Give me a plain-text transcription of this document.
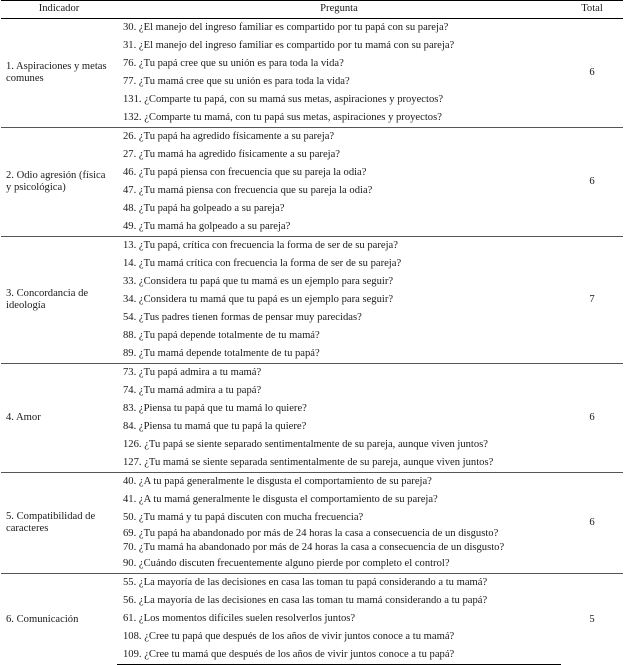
Indicador	Pregunta	Total
1. Aspiraciones y metas comunes	30. ¿El manejo del ingreso familiar es compartido por tu papá con su pareja?	6
	31. ¿El manejo del ingreso familiar es compartido por tu mamá con su pareja?	
	76. ¿Tu papá cree que su unión es para toda la vida?	
	77. ¿Tu mamá cree que su unión es para toda la vida?	
	131. ¿Comparte tu papá, con su mamá sus metas, aspiraciones y proyectos?	
	132. ¿Comparte tu mamá, con tu papá sus metas, aspiraciones y proyectos?	
2. Odio agresión (física y psicológica)	26. ¿Tu papá ha agredido físicamente a su pareja?	6
	27. ¿Tu mamá ha agredido físicamente a su pareja?	
	46. ¿Tu papá piensa con frecuencia que su pareja la odia?	
	47. ¿Tu mamá piensa con frecuencia que su pareja la odia?	
	48. ¿Tu papá ha golpeado a su pareja?	
	49. ¿Tu mamá ha golpeado a su pareja?	
3. Concordancia de ideología	13. ¿Tu papá, crítica con frecuencia la forma de ser de su pareja?	7
	14. ¿Tu mamá crítica con frecuencia la forma de ser de su pareja?	
	33. ¿Considera tu papá que tu mamá es un ejemplo para seguir?	
	34. ¿Considera tu mamá que tu papá es un ejemplo para seguir?	
	54. ¿Tus padres tienen formas de pensar muy parecidas?	
	88. ¿Tu papá depende totalmente de tu mamá?	
	89. ¿Tu mamá depende totalmente de tu papá?	
4. Amor	73. ¿Tu papá admira a tu mamá?	6
	74. ¿Tu mamá admira a tu papá?	
	83. ¿Piensa tu papá que tu mamá lo quiere?	
	84. ¿Piensa tu mamá que tu papá la quiere?	
	126. ¿Tu papá se siente separado sentimentalmente de su pareja, aunque viven juntos?	
	127. ¿Tu mamá se siente separada sentimentalmente de su pareja, aunque viven juntos?	
5. Compatibilidad de caracteres	40. ¿A tu papá generalmente le disgusta el comportamiento de su pareja?	6
	41. ¿A tu mamá generalmente le disgusta el comportamiento de su pareja?	
	50. ¿Tu mamá y tu papá discuten con mucha frecuencia?	
	69. ¿Tu papá ha abandonado por más de 24 horas la casa a consecuencia de un disgusto?	
	70. ¿Tu mamá ha abandonado por más de 24 horas la casa a consecuencia de un disgusto?	
	90. ¿Cuándo discuten frecuentemente alguno pierde por completo el control?	
6. Comunicación	55. ¿La mayoría de las decisiones en casa las toman tu papá considerando a tu mamá?	5
	56. ¿La mayoría de las decisiones en casa las toman tu mamá considerando a tu papá?	
	61. ¿Los momentos difíciles suelen resolverlos juntos?	
	108. ¿Cree tu papá que después de los años de vivir juntos conoce a tu mamá?	
	109. ¿Cree tu mamá que después de los años de vivir juntos conoce a tu papá?	
